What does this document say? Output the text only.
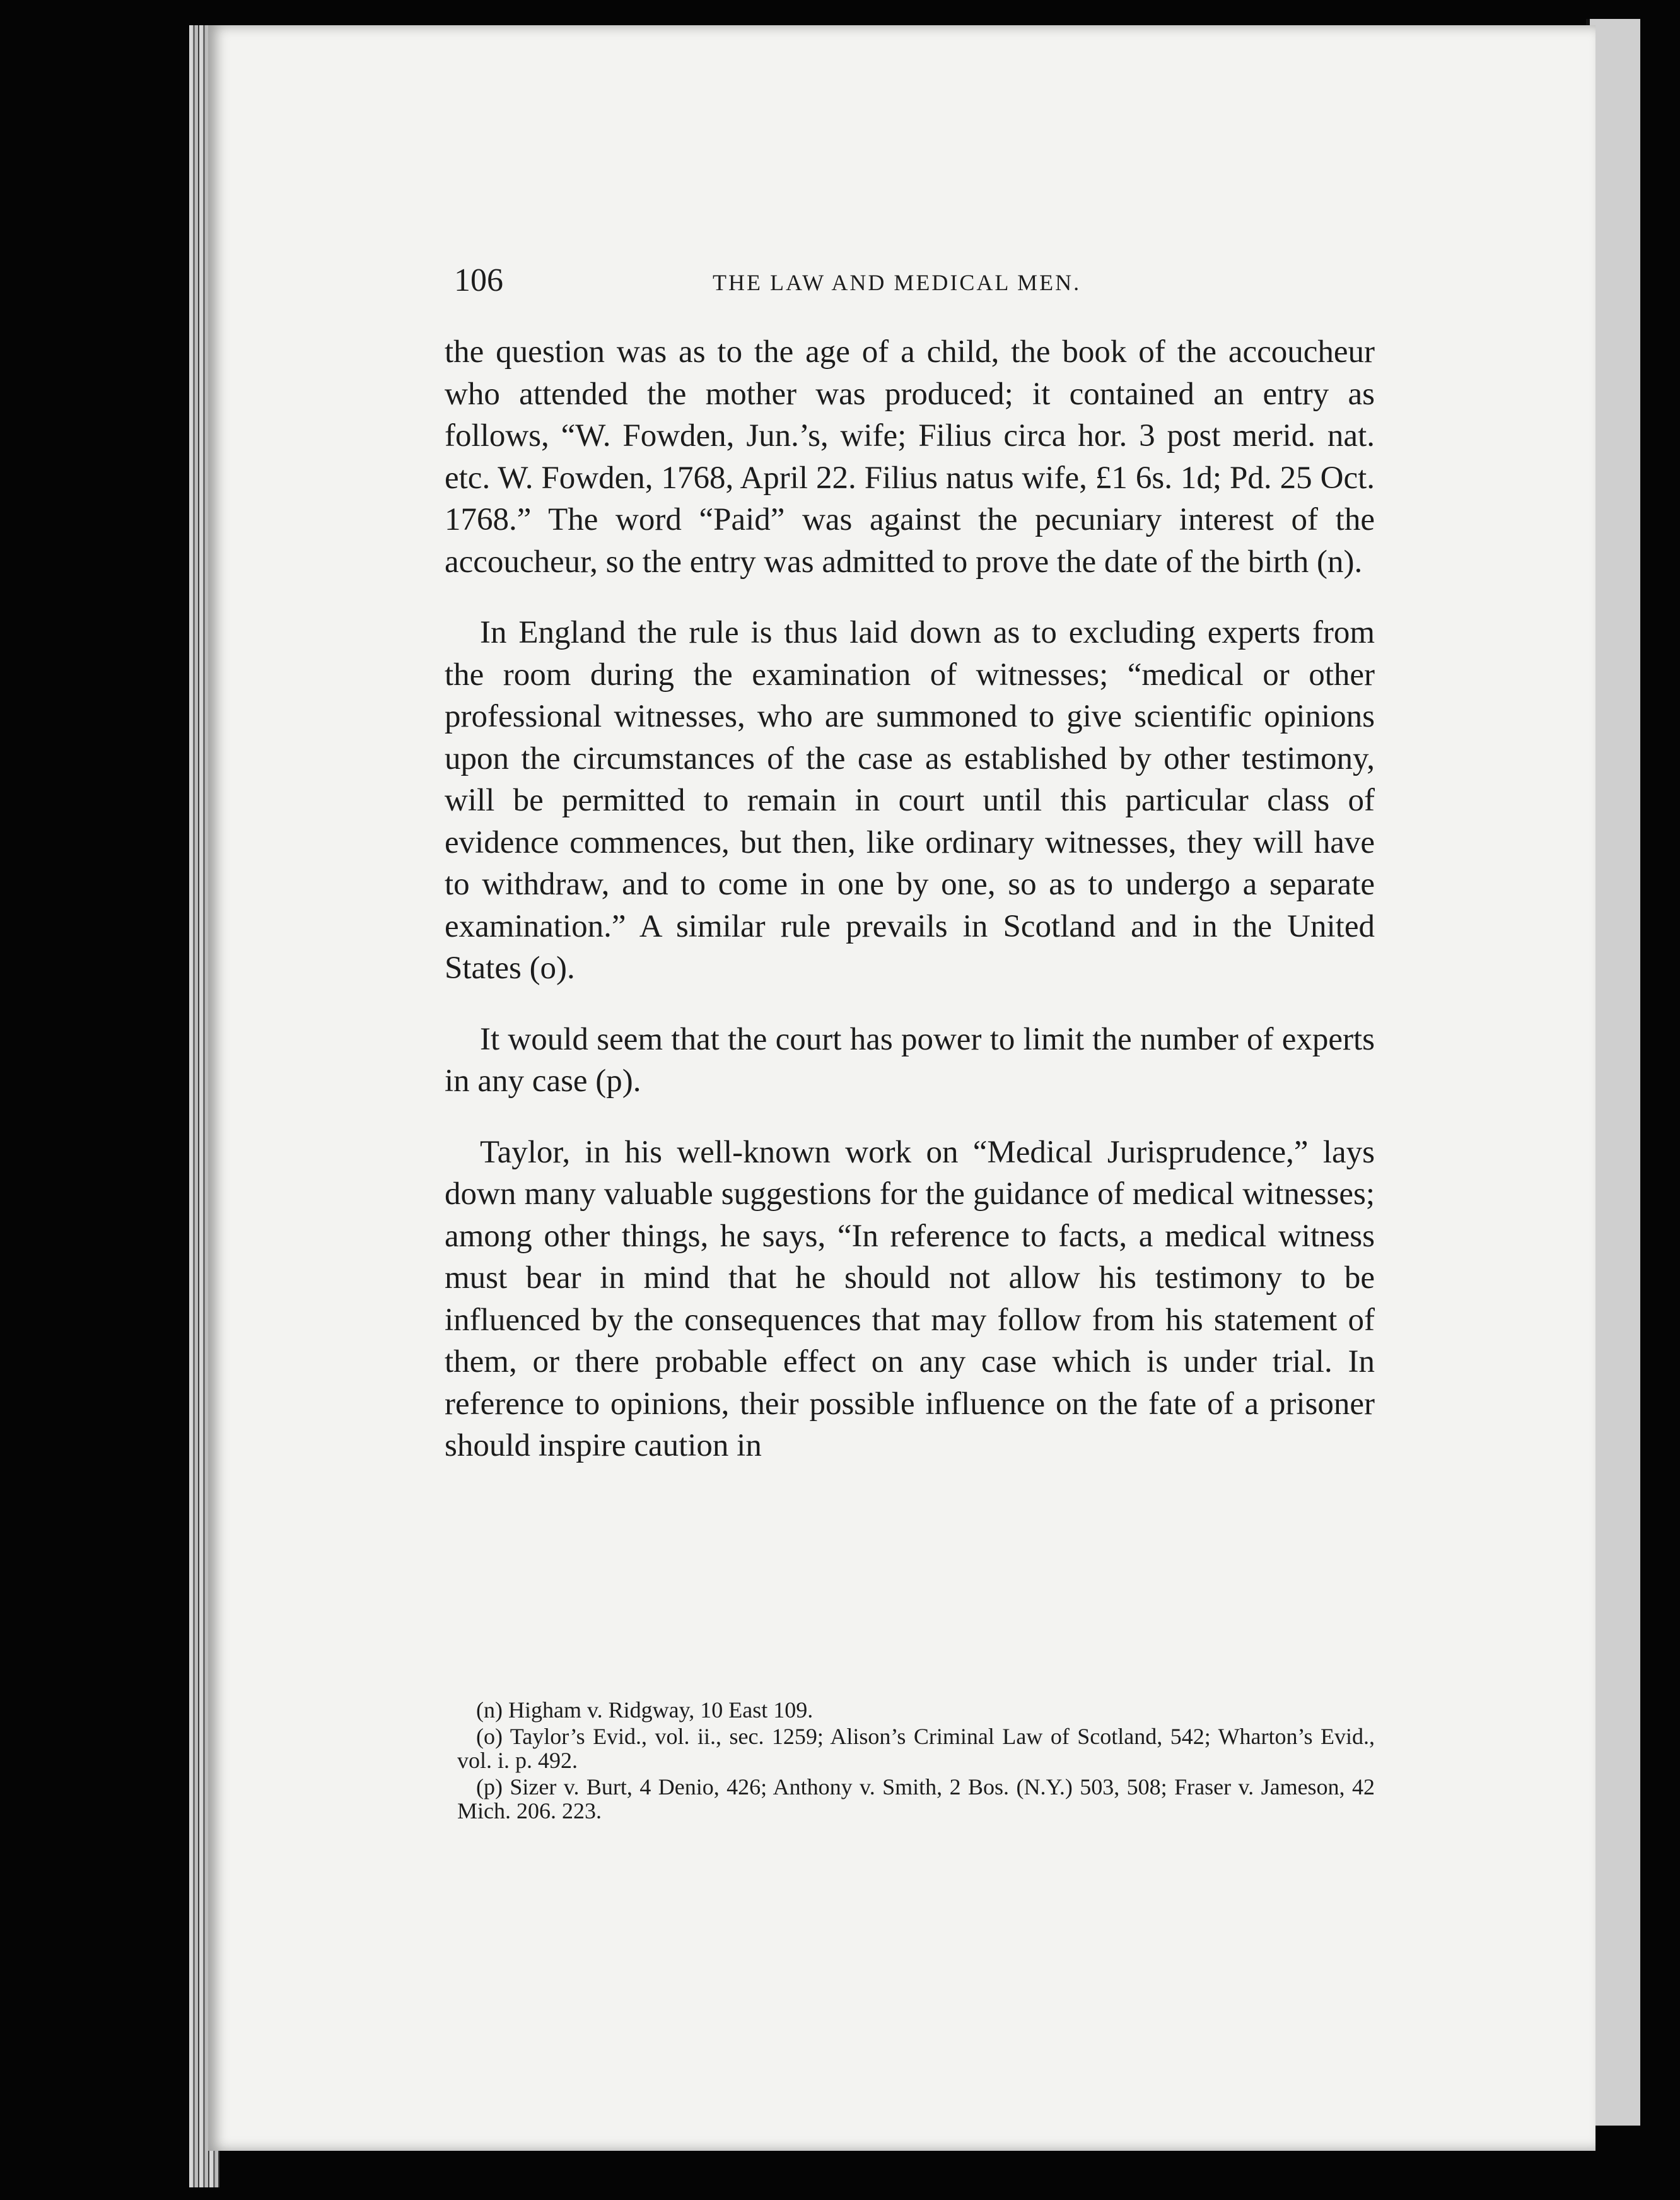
106	THE LAW AND MEDICAL MEN.

the question was as to the age of a child, the book of the accoucheur who attended the mother was produced; it contained an entry as follows, “W. Fowden, Jun.’s, wife; Filius circa hor. 3 post merid. nat. etc. W. Fowden, 1768, April 22. Filius natus wife, £1 6s. 1d; Pd. 25 Oct. 1768.” The word “Paid” was against the pecuniary interest of the accoucheur, so the entry was admitted to prove the date of the birth (n).

In England the rule is thus laid down as to excluding experts from the room during the examination of witnesses; “medical or other professional witnesses, who are summoned to give scientific opinions upon the circumstances of the case as established by other testimony, will be permitted to remain in court until this particular class of evidence commences, but then, like ordinary witnesses, they will have to withdraw, and to come in one by one, so as to undergo a separate examination.” A similar rule prevails in Scotland and in the United States (o).

It would seem that the court has power to limit the number of experts in any case (p).

Taylor, in his well-known work on “Medical Jurisprudence,” lays down many valuable suggestions for the guidance of medical witnesses; among other things, he says, “In reference to facts, a medical witness must bear in mind that he should not allow his testimony to be influenced by the consequences that may follow from his statement of them, or there probable effect on any case which is under trial. In reference to opinions, their possible influence on the fate of a prisoner should inspire caution in

(n) Higham v. Ridgway, 10 East 109.

(o) Taylor’s Evid., vol. ii., sec. 1259; Alison’s Criminal Law of Scotland, 542; Wharton’s Evid., vol. i. p. 492.

(p) Sizer v. Burt, 4 Denio, 426; Anthony v. Smith, 2 Bos. (N.Y.) 503, 508; Fraser v. Jameson, 42 Mich. 206. 223.
